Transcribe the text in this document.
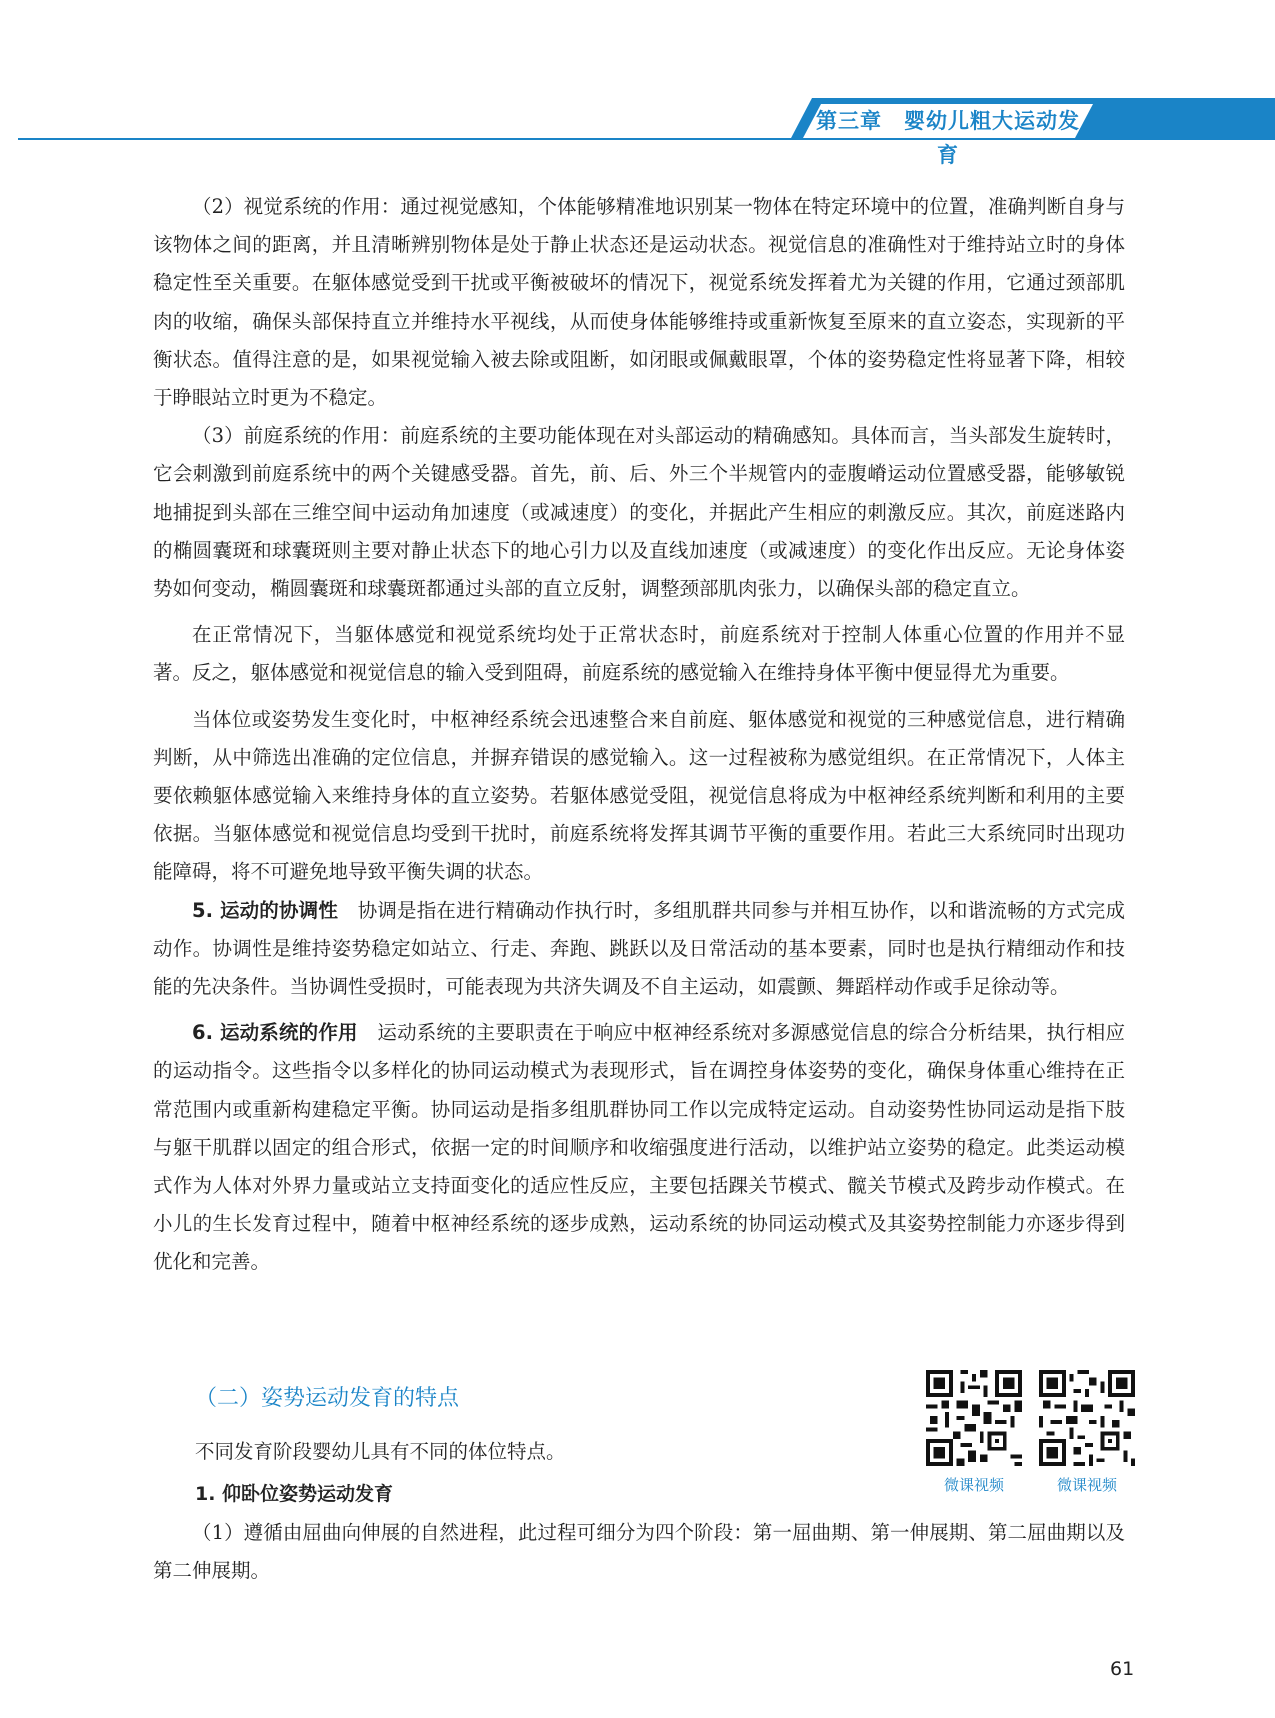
第三章　婴幼儿粗大运动发育

（2）视觉系统的作用：通过视觉感知，个体能够精准地识别某一物体在特定环境中的位置，准确判断自身与该物体之间的距离，并且清晰辨别物体是处于静止状态还是运动状态。视觉信息的准确性对于维持站立时的身体稳定性至关重要。在躯体感觉受到干扰或平衡被破坏的情况下，视觉系统发挥着尤为关键的作用，它通过颈部肌肉的收缩，确保头部保持直立并维持水平视线，从而使身体能够维持或重新恢复至原来的直立姿态，实现新的平衡状态。值得注意的是，如果视觉输入被去除或阻断，如闭眼或佩戴眼罩，个体的姿势稳定性将显著下降，相较于睁眼站立时更为不稳定。

（3）前庭系统的作用：前庭系统的主要功能体现在对头部运动的精确感知。具体而言，当头部发生旋转时，它会刺激到前庭系统中的两个关键感受器。首先，前、后、外三个半规管内的壶腹嵴运动位置感受器，能够敏锐地捕捉到头部在三维空间中运动角加速度（或减速度）的变化，并据此产生相应的刺激反应。其次，前庭迷路内的椭圆囊斑和球囊斑则主要对静止状态下的地心引力以及直线加速度（或减速度）的变化作出反应。无论身体姿势如何变动，椭圆囊斑和球囊斑都通过头部的直立反射，调整颈部肌肉张力，以确保头部的稳定直立。

在正常情况下，当躯体感觉和视觉系统均处于正常状态时，前庭系统对于控制人体重心位置的作用并不显著。反之，躯体感觉和视觉信息的输入受到阻碍，前庭系统的感觉输入在维持身体平衡中便显得尤为重要。

当体位或姿势发生变化时，中枢神经系统会迅速整合来自前庭、躯体感觉和视觉的三种感觉信息，进行精确判断，从中筛选出准确的定位信息，并摒弃错误的感觉输入。这一过程被称为感觉组织。在正常情况下，人体主要依赖躯体感觉输入来维持身体的直立姿势。若躯体感觉受阻，视觉信息将成为中枢神经系统判断和利用的主要依据。当躯体感觉和视觉信息均受到干扰时，前庭系统将发挥其调节平衡的重要作用。若此三大系统同时出现功能障碍，将不可避免地导致平衡失调的状态。

5. 运动的协调性　 协调是指在进行精确动作执行时，多组肌群共同参与并相互协作，以和谐流畅的方式完成动作。协调性是维持姿势稳定如站立、行走、奔跑、跳跃以及日常活动的基本要素，同时也是执行精细动作和技能的先决条件。当协调性受损时，可能表现为共济失调及不自主运动，如震颤、舞蹈样动作或手足徐动等。

6. 运动系统的作用　 运动系统的主要职责在于响应中枢神经系统对多源感觉信息的综合分析结果，执行相应的运动指令。这些指令以多样化的协同运动模式为表现形式，旨在调控身体姿势的变化，确保身体重心维持在正常范围内或重新构建稳定平衡。协同运动是指多组肌群协同工作以完成特定运动。自动姿势性协同运动是指下肢与躯干肌群以固定的组合形式，依据一定的时间顺序和收缩强度进行活动，以维护站立姿势的稳定。此类运动模式作为人体对外界力量或站立支持面变化的适应性反应，主要包括踝关节模式、髋关节模式及跨步动作模式。在小儿的生长发育过程中，随着中枢神经系统的逐步成熟，运动系统的协同运动模式及其姿势控制能力亦逐步得到优化和完善。

（二）姿势运动发育的特点
不同发育阶段婴幼儿具有不同的体位特点。
1. 仰卧位姿势运动发育
（1）遵循由屈曲向伸展的自然进程，此过程可细分为四个阶段：第一屈曲期、第一伸展期、第二屈曲期以及第二伸展期。
微课视频	微课视频
61
